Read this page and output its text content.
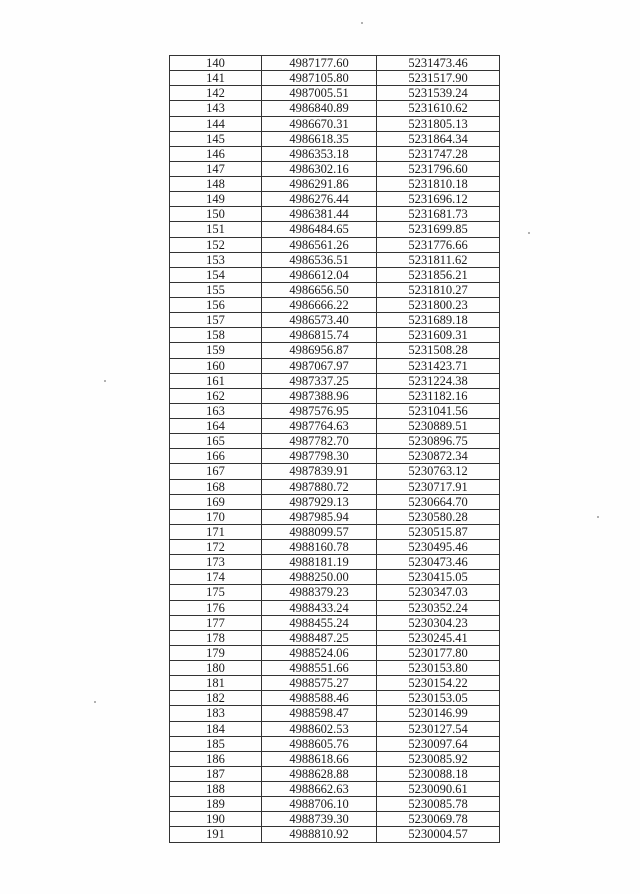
140	4987177.60	5231473.46
141	4987105.80	5231517.90
142	4987005.51	5231539.24
143	4986840.89	5231610.62
144	4986670.31	5231805.13
145	4986618.35	5231864.34
146	4986353.18	5231747.28
147	4986302.16	5231796.60
148	4986291.86	5231810.18
149	4986276.44	5231696.12
150	4986381.44	5231681.73
151	4986484.65	5231699.85
152	4986561.26	5231776.66
153	4986536.51	5231811.62
154	4986612.04	5231856.21
155	4986656.50	5231810.27
156	4986666.22	5231800.23
157	4986573.40	5231689.18
158	4986815.74	5231609.31
159	4986956.87	5231508.28
160	4987067.97	5231423.71
161	4987337.25	5231224.38
162	4987388.96	5231182.16
163	4987576.95	5231041.56
164	4987764.63	5230889.51
165	4987782.70	5230896.75
166	4987798.30	5230872.34
167	4987839.91	5230763.12
168	4987880.72	5230717.91
169	4987929.13	5230664.70
170	4987985.94	5230580.28
171	4988099.57	5230515.87
172	4988160.78	5230495.46
173	4988181.19	5230473.46
174	4988250.00	5230415.05
175	4988379.23	5230347.03
176	4988433.24	5230352.24
177	4988455.24	5230304.23
178	4988487.25	5230245.41
179	4988524.06	5230177.80
180	4988551.66	5230153.80
181	4988575.27	5230154.22
182	4988588.46	5230153.05
183	4988598.47	5230146.99
184	4988602.53	5230127.54
185	4988605.76	5230097.64
186	4988618.66	5230085.92
187	4988628.88	5230088.18
188	4988662.63	5230090.61
189	4988706.10	5230085.78
190	4988739.30	5230069.78
191	4988810.92	5230004.57
